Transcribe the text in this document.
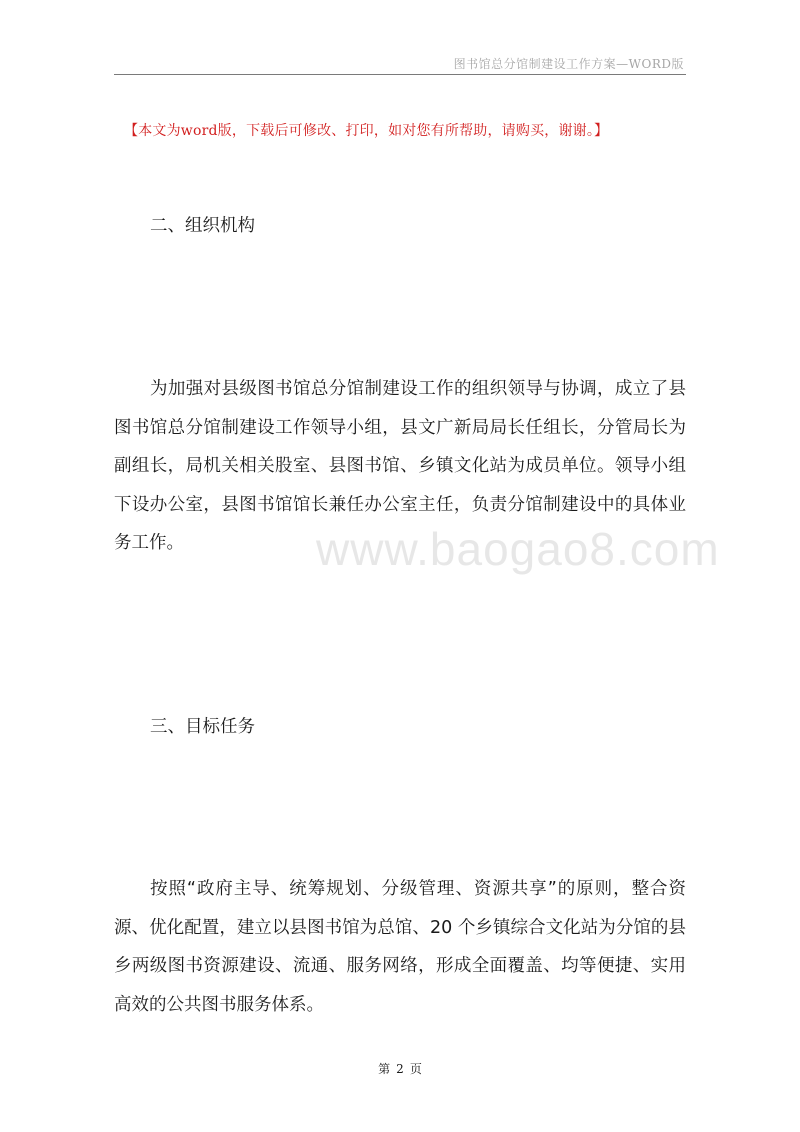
图书馆总分馆制建设工作方案—WORD版
【本文为word版，下载后可修改、打印，如对您有所帮助，请购买，谢谢。】
二、组织机构
为加强对县级图书馆总分馆制建设工作的组织领导与协调，成立了县图书馆总分馆制建设工作领导小组，县文广新局局长任组长，分管局长为副组长，局机关相关股室、县图书馆、乡镇文化站为成员单位。领导小组下设办公室，县图书馆馆长兼任办公室主任，负责分馆制建设中的具体业务工作。	www.baogao8.com
三、目标任务
按照“政府主导、统筹规划、分级管理、资源共享”的原则，整合资源、优化配置，建立以县图书馆为总馆、20 个乡镇综合文化站为分馆的县乡两级图书资源建设、流通、服务网络，形成全面覆盖、均等便捷、实用高效的公共图书服务体系。
第 2 页
